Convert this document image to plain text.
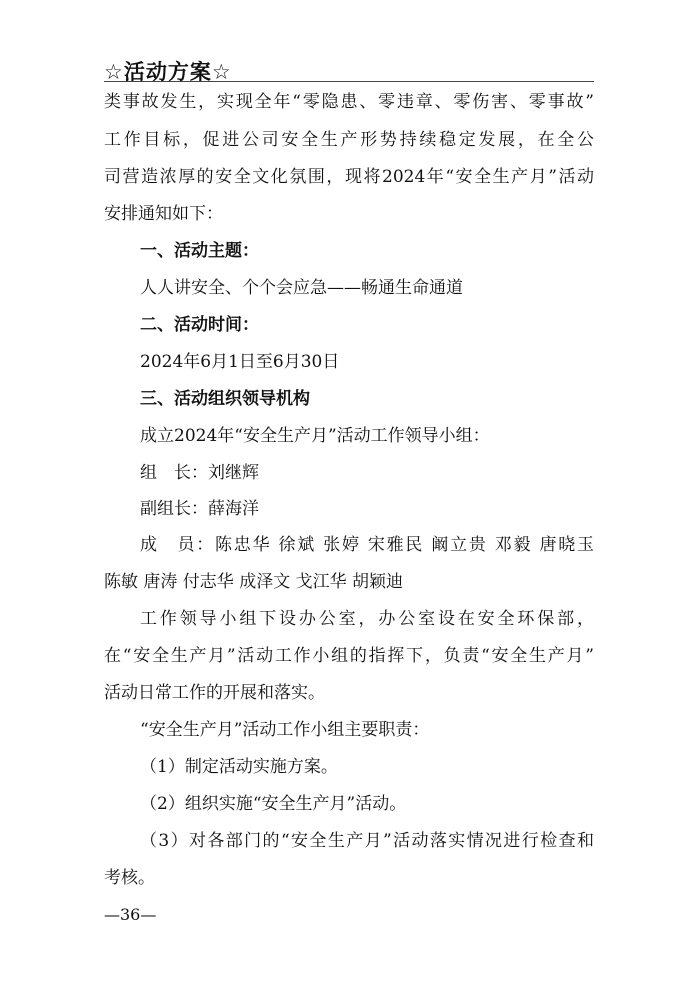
☆活动方案☆
类事故发生，实现全年“零隐患、零违章、零伤害、零事故”
工作目标，促进公司安全生产形势持续稳定发展，在全公
司营造浓厚的安全文化氛围，现将2024年“安全生产月”活动
安排通知如下：
一、活动主题：
人人讲安全、个个会应急——畅通生命通道
二、活动时间：
2024年6月1日至6月30日
三、活动组织领导机构
成立2024年“安全生产月”活动工作领导小组：
组　长：刘继辉
副组长：薛海洋
成　员：陈忠华 徐斌 张婷 宋雅民 阚立贵 邓毅 唐晓玉
陈敏 唐涛 付志华 成泽文 戈江华 胡颖迪
工作领导小组下设办公室，办公室设在安全环保部，
在“安全生产月”活动工作小组的指挥下，负责“安全生产月”
活动日常工作的开展和落实。
“安全生产月”活动工作小组主要职责：
（1）制定活动实施方案。
（2）组织实施“安全生产月”活动。
（3）对各部门的“安全生产月”活动落实情况进行检查和
考核。
—36—
